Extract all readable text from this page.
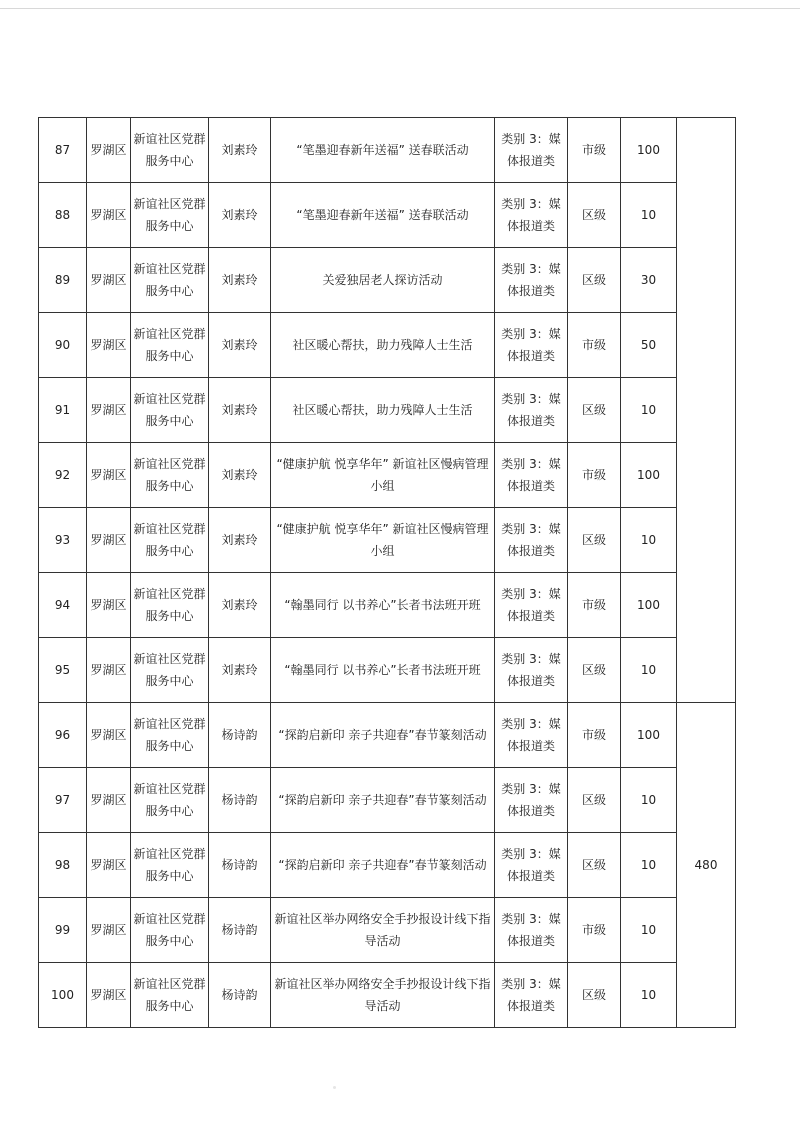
87	罗湖区	新谊社区党群服务中心	刘素玲	“笔墨迎春新年送福” 送春联活动	类别 3：媒体报道类	市级	100	
88	罗湖区	新谊社区党群服务中心	刘素玲	“笔墨迎春新年送福” 送春联活动	类别 3：媒体报道类	区级	10	
89	罗湖区	新谊社区党群服务中心	刘素玲	关爱独居老人探访活动	类别 3：媒体报道类	区级	30	
90	罗湖区	新谊社区党群服务中心	刘素玲	社区暖心帮扶，助力残障人士生活	类别 3：媒体报道类	市级	50	
91	罗湖区	新谊社区党群服务中心	刘素玲	社区暖心帮扶，助力残障人士生活	类别 3：媒体报道类	区级	10	
92	罗湖区	新谊社区党群服务中心	刘素玲	“健康护航 悦享华年” 新谊社区慢病管理小组	类别 3：媒体报道类	市级	100	
93	罗湖区	新谊社区党群服务中心	刘素玲	“健康护航 悦享华年” 新谊社区慢病管理小组	类别 3：媒体报道类	区级	10	
94	罗湖区	新谊社区党群服务中心	刘素玲	“翰墨同行 以书养心”长者书法班开班	类别 3：媒体报道类	市级	100	
95	罗湖区	新谊社区党群服务中心	刘素玲	“翰墨同行 以书养心”长者书法班开班	类别 3：媒体报道类	区级	10	
96	罗湖区	新谊社区党群服务中心	杨诗韵	“探韵启新印 亲子共迎春”春节篆刻活动	类别 3：媒体报道类	市级	100	480
97	罗湖区	新谊社区党群服务中心	杨诗韵	“探韵启新印 亲子共迎春”春节篆刻活动	类别 3：媒体报道类	区级	10	
98	罗湖区	新谊社区党群服务中心	杨诗韵	“探韵启新印 亲子共迎春”春节篆刻活动	类别 3：媒体报道类	区级	10	
99	罗湖区	新谊社区党群服务中心	杨诗韵	新谊社区举办网络安全手抄报设计线下指导活动	类别 3：媒体报道类	市级	10	
100	罗湖区	新谊社区党群服务中心	杨诗韵	新谊社区举办网络安全手抄报设计线下指导活动	类别 3：媒体报道类	区级	10	
